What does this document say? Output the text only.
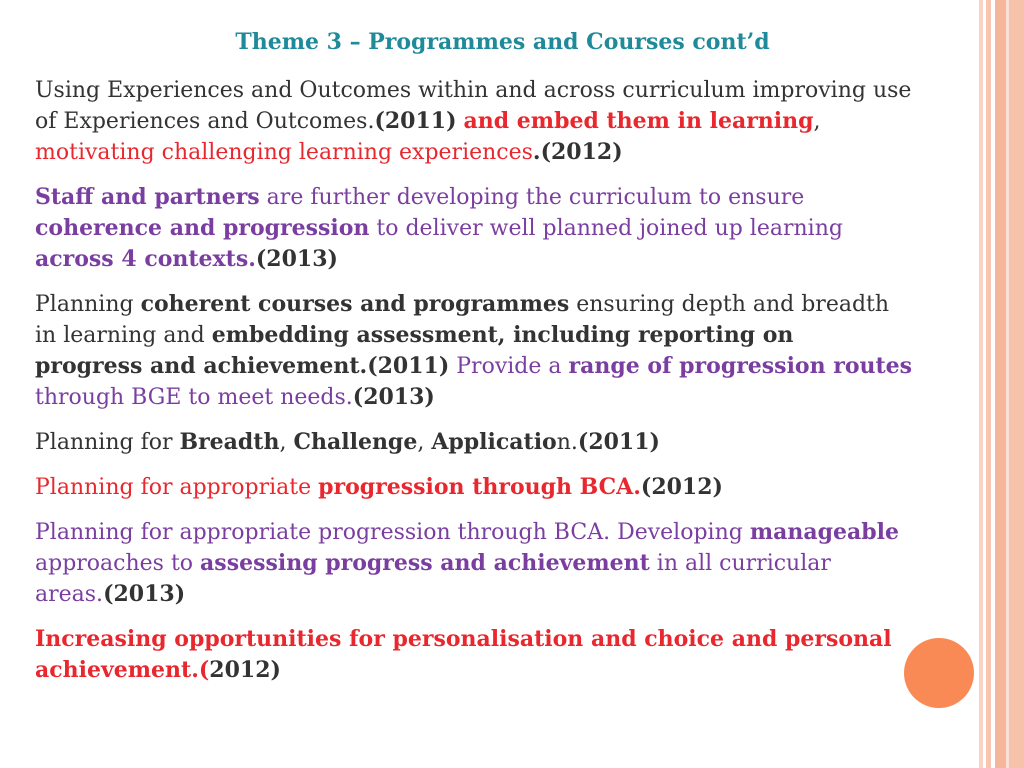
Theme 3 – Programmes and Courses cont’d

Using Experiences and Outcomes within and across curriculum improving use
of Experiences and Outcomes.(2011) and embed them in learning,
motivating challenging learning experiences.(2012)

Staff and partners are further developing the curriculum to ensure
coherence and progression to deliver well planned joined up learning
across 4 contexts.(2013)

Planning coherent courses and programmes ensuring depth and breadth
in learning and embedding assessment, including reporting on
progress and achievement.(2011) Provide a range of progression routes
through BGE to meet needs.(2013)

Planning for Breadth, Challenge, Application.(2011)

Planning for appropriate progression through BCA.(2012)

Planning for appropriate progression through BCA. Developing manageable
approaches to assessing progress and achievement in all curricular
areas.(2013)

Increasing opportunities for personalisation and choice and personal
achievement.(2012)
